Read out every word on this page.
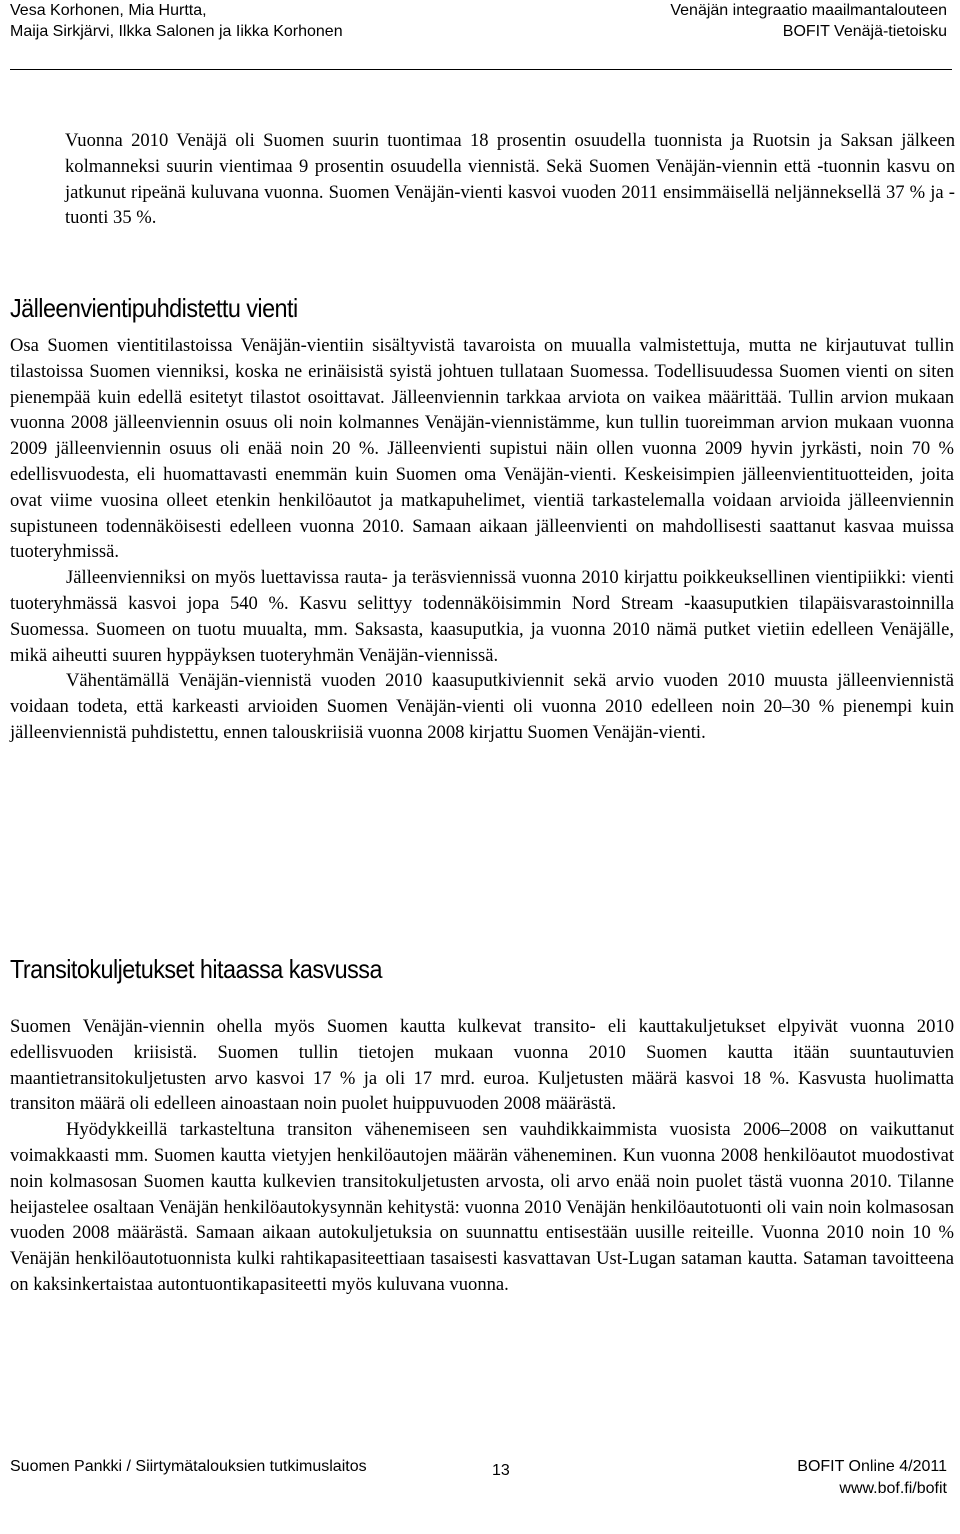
Vesa Korhonen, Mia Hurtta,
Maija Sirkjärvi, Ilkka Salonen ja Iikka Korhonen
Venäjän integraatio maailmantalouteen
BOFIT Venäjä-tietoisku

Vuonna 2010 Venäjä oli Suomen suurin tuontimaa 18 prosentin osuudella tuonnista ja Ruotsin ja Saksan jälkeen kolmanneksi suurin vientimaa 9 prosentin osuudella viennistä. Sekä Suomen Venäjän-viennin että -tuonnin kasvu on jatkunut ripeänä kuluvana vuonna. Suomen Venäjän-vienti kasvoi vuoden 2011 ensimmäisellä neljänneksellä 37 % ja -tuonti 35 %.

Jälleenvientipuhdistettu vienti

Osa Suomen vientitilastoissa Venäjän-vientiin sisältyvistä tavaroista on muualla valmistettuja, mutta ne kirjautuvat tullin tilastoissa Suomen vienniksi, koska ne erinäisistä syistä johtuen tullataan Suomessa. Todellisuudessa Suomen vienti on siten pienempää kuin edellä esitetyt tilastot osoittavat. Jälleenviennin tarkkaa arviota on vaikea määrittää. Tullin arvion mukaan vuonna 2008 jälleenviennin osuus oli noin kolmannes Venäjän-viennistämme, kun tullin tuoreimman arvion mukaan vuonna 2009 jälleenviennin osuus oli enää noin 20 %. Jälleenvienti supistui näin ollen vuonna 2009 hyvin jyrkästi, noin 70 % edellisvuodesta, eli huomattavasti enemmän kuin Suomen oma Venäjän-vienti. Keskeisimpien jälleenvientituotteiden, joita ovat viime vuosina olleet etenkin henkilöautot ja matkapuhelimet, vientiä tarkastelemalla voidaan arvioida jälleenviennin supistuneen todennäköisesti edelleen vuonna 2010. Samaan aikaan jälleenvienti on mahdollisesti saattanut kasvaa muissa tuoteryhmissä.

Jälleenvienniksi on myös luettavissa rauta- ja teräsviennissä vuonna 2010 kirjattu poikkeuksellinen vientipiikki: vienti tuoteryhmässä kasvoi jopa 540 %. Kasvu selittyy todennäköisimmin Nord Stream -kaasuputkien tilapäisvarastoinnilla Suomessa. Suomeen on tuotu muualta, mm. Saksasta, kaasuputkia, ja vuonna 2010 nämä putket vietiin edelleen Venäjälle, mikä aiheutti suuren hyppäyksen tuoteryhmän Venäjän-viennissä.

Vähentämällä Venäjän-viennistä vuoden 2010 kaasuputkiviennit sekä arvio vuoden 2010 muusta jälleenviennistä voidaan todeta, että karkeasti arvioiden Suomen Venäjän-vienti oli vuonna 2010 edelleen noin 20–30 % pienempi kuin jälleenviennistä puhdistettu, ennen talouskriisiä vuonna 2008 kirjattu Suomen Venäjän-vienti.

Transitokuljetukset hitaassa kasvussa

Suomen Venäjän-viennin ohella myös Suomen kautta kulkevat transito- eli kauttakuljetukset elpyivät vuonna 2010 edellisvuoden kriisistä. Suomen tullin tietojen mukaan vuonna 2010 Suomen kautta itään suuntautuvien maantietransitokuljetusten arvo kasvoi 17 % ja oli 17 mrd. euroa. Kuljetusten määrä kasvoi 18 %. Kasvusta huolimatta transiton määrä oli edelleen ainoastaan noin puolet huippuvuoden 2008 määrästä.

Hyödykkeillä tarkasteltuna transiton vähenemiseen sen vauhdikkaimmista vuosista 2006–2008 on vaikuttanut voimakkaasti mm. Suomen kautta vietyjen henkilöautojen määrän väheneminen. Kun vuonna 2008 henkilöautot muodostivat noin kolmasosan Suomen kautta kulkevien transitokuljetusten arvosta, oli arvo enää noin puolet tästä vuonna 2010. Tilanne heijastelee osaltaan Venäjän henkilöautokysynnän kehitystä: vuonna 2010 Venäjän henkilöautotuonti oli vain noin kolmasosan vuoden 2008 määrästä. Samaan aikaan autokuljetuksia on suunnattu entisestään uusille reiteille. Vuonna 2010 noin 10 % Venäjän henkilöautotuonnista kulki rahtikapasiteettiaan tasaisesti kasvattavan Ust-Lugan sataman kautta. Sataman tavoitteena on kaksinkertaistaa autontuontikapasiteetti myös kuluvana vuonna.

Suomen Pankki / Siirtymätalouksien tutkimuslaitos	13	BOFIT Online 4/2011
www.bof.fi/bofit
